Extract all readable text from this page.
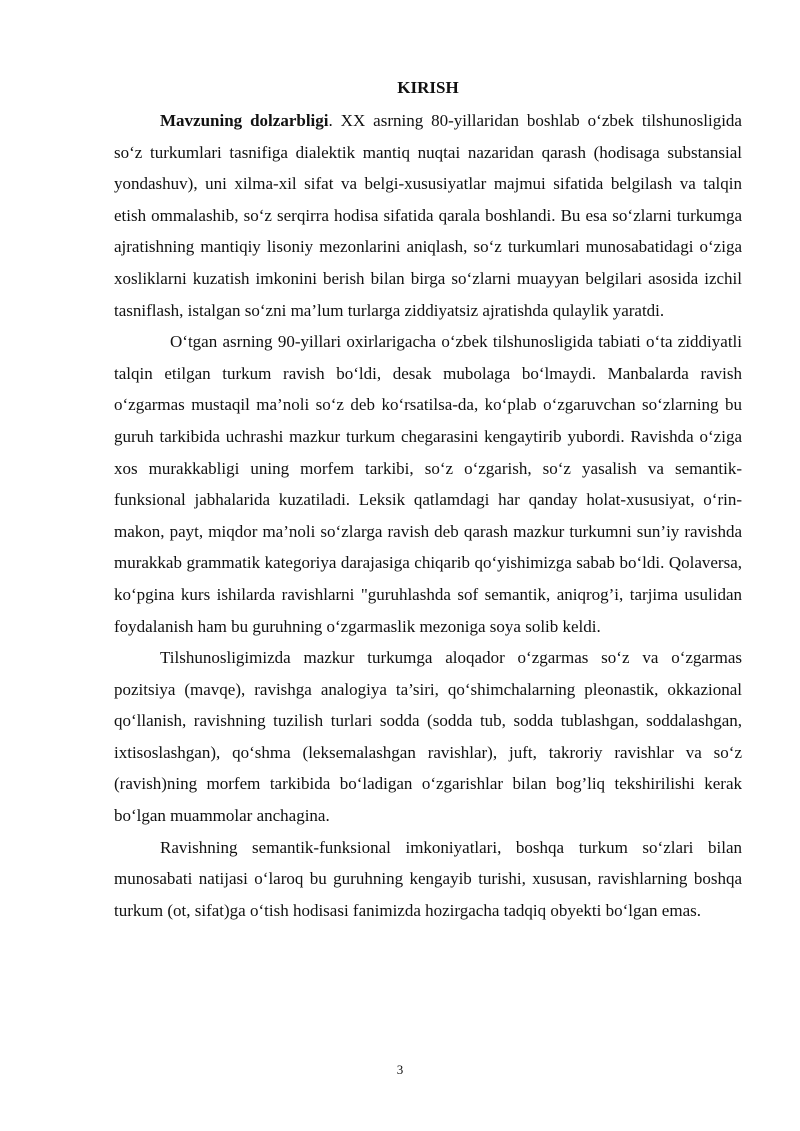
KIRISH

Mavzuning dolzarbligi. XX asrning 80-yillaridan boshlab o‘zbek tilshunosligida so‘z turkumlari tasnifiga dialektik mantiq nuqtai nazaridan qarash (hodisaga substansial yondashuv), uni xilma-xil sifat va belgi-xususiyatlar majmui sifatida belgilash va talqin etish ommalashib, so‘z serqirra hodisa sifatida qarala boshlandi. Bu esa so‘zlarni turkumga ajratishning mantiqiy lisoniy mezonlarini aniqlash, so‘z turkumlari munosabatidagi o‘ziga xosliklarni kuzatish imkonini berish bilan birga so‘zlarni muayyan belgilari asosida izchil tasniflash, istalgan so‘zni ma’lum turlarga ziddiyatsiz ajratishda qulaylik yaratdi.

O‘tgan asrning 90-yillari oxirlarigacha o‘zbek tilshunosligida tabiati o‘ta ziddiyatli talqin etilgan turkum ravish bo‘ldi, desak mubolaga bo‘lmaydi. Manbalarda ravish o‘zgarmas mustaqil ma’noli so‘z deb ko‘rsatilsa-da, ko‘plab o‘zgaruvchan so‘zlarning bu guruh tarkibida uchrashi mazkur turkum chegarasini kengaytirib yubordi. Ravishda o‘ziga xos murakkabligi uning morfem tarkibi, so‘z o‘zgarish, so‘z yasalish va semantik-funksional jabhalarida kuzatiladi. Leksik qatlamdagi har qanday holat-xususiyat, o‘rin-makon, payt, miqdor ma’noli so‘zlarga ravish deb qarash mazkur turkumni sun’iy ravishda murakkab grammatik kategoriya darajasiga chiqarib qo‘yishimizga sabab bo‘ldi. Qolaversa, ko‘pgina kurs ishilarda ravishlarni "guruhlashda sof semantik, aniqrog’i, tarjima usulidan foydalanish ham bu guruhning o‘zgarmaslik mezoniga soya solib keldi.

Tilshunosligimizda mazkur turkumga aloqador o‘zgarmas so‘z va o‘zgarmas pozitsiya (mavqe), ravishga analogiya ta’siri, qo‘shimchalarning pleonastik, okkazional qo‘llanish, ravishning tuzilish turlari sodda (sodda tub, sodda tublashgan, soddalashgan, ixtisoslashgan), qo‘shma (leksemalashgan ravishlar), juft, takroriy ravishlar va so‘z (ravish)ning morfem tarkibida bo‘ladigan o‘zgarishlar bilan bog’liq tekshirilishi kerak bo‘lgan muammolar anchagina.

Ravishning semantik-funksional imkoniyatlari, boshqa turkum so‘zlari bilan munosabati natijasi o‘laroq bu guruhning kengayib turishi, xususan, ravishlarning boshqa turkum (ot, sifat)ga o‘tish hodisasi fanimizda hozirgacha tadqiq obyekti bo‘lgan emas.

3
